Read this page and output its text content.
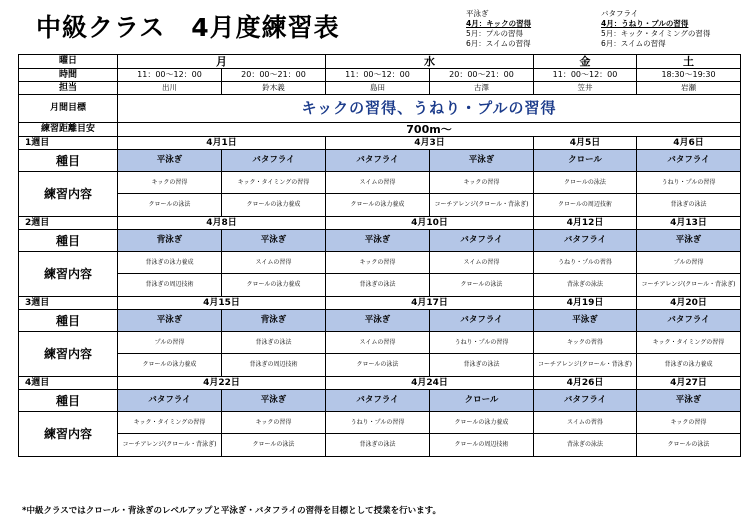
中級クラス　4月度練習表	平泳ぎ
4月：キックの習得
5月：プルの習得
6月：スイムの習得
バタフライ
4月：うねり・プルの習得
5月：キック・タイミングの習得
6月：スイムの習得
曜日	月		水		金	土
時間	11：00～12：00	20：00～21：00	11：00～12：00	20：00～21：00	11：00～12：00	18:30～19:30
担当	出川	鈴木義	島田	古澤	笠井	岩瀬
月間目標	キックの習得、うねり・プルの習得					
練習距離目安	700m～					
1週目	4月1日		4月3日		4月5日	4月6日
種目	平泳ぎ	バタフライ	バタフライ	平泳ぎ	クロール	バタフライ
練習内容	キックの習得	キック・タイミングの習得	スイムの習得	キックの習得	クロールの泳法	うねり・プルの習得
	クロールの泳法	クロールの泳力養成	クロールの泳力養成	コーチアレンジ(クロール・背泳ぎ)	クロールの周辺技術	背泳ぎの泳法
2週目	4月8日		4月10日		4月12日	4月13日
種目	背泳ぎ	平泳ぎ	平泳ぎ	バタフライ	バタフライ	平泳ぎ
練習内容	背泳ぎの泳力養成	スイムの習得	キックの習得	スイムの習得	うねり・プルの習得	プルの習得
	背泳ぎの周辺技術	クロールの泳力養成	背泳ぎの泳法	クロールの泳法	背泳ぎの泳法	コーチアレンジ(クロール・背泳ぎ)
3週目	4月15日		4月17日		4月19日	4月20日
種目	平泳ぎ	背泳ぎ	平泳ぎ	バタフライ	平泳ぎ	バタフライ
練習内容	プルの習得	背泳ぎの泳法	スイムの習得	うねり・プルの習得	キックの習得	キック・タイミングの習得
	クロールの泳力養成	背泳ぎの周辺技術	クロールの泳法	背泳ぎの泳法	コーチアレンジ(クロール・背泳ぎ)	背泳ぎの泳力養成
4週目	4月22日		4月24日		4月26日	4月27日
種目	バタフライ	平泳ぎ	バタフライ	クロール	バタフライ	平泳ぎ
練習内容	キック・タイミングの習得	キックの習得	うねり・プルの習得	クロールの泳力養成	スイムの習得	キックの習得
	コーチアレンジ(クロール・背泳ぎ)	クロールの泳法	背泳ぎの泳法	クロールの周辺技術	背泳ぎの泳法	クロールの泳法
*中級クラスではクロール・背泳ぎのレベルアップと平泳ぎ・バタフライの習得を目標として授業を行います。
